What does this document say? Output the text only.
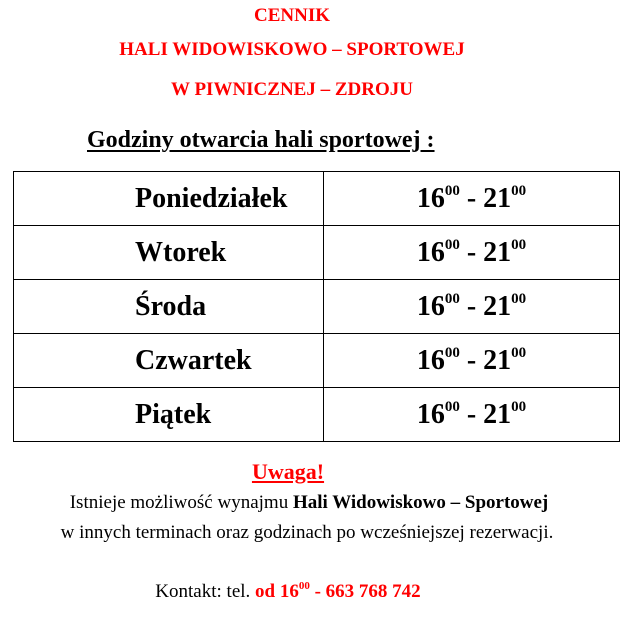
CENNIK
HALI WIDOWISKOWO – SPORTOWEJ
W PIWNICZNEJ – ZDROJU
Godziny otwarcia hali sportowej :
Poniedziałek	$16^{00} - 21^{00}$
Wtorek	$16^{00} - 21^{00}$
Środa	$16^{00} - 21^{00}$
Czwartek	$16^{00} - 21^{00}$
Piątek	$16^{00} - 21^{00}$
Uwaga!
Istnieje możliwość wynajmu Hali Widowiskowo – Sportowej
w innych terminach oraz godzinach po wcześniejszej rezerwacji.
Kontakt: tel. od $16^{00} - 663$ 768 742
